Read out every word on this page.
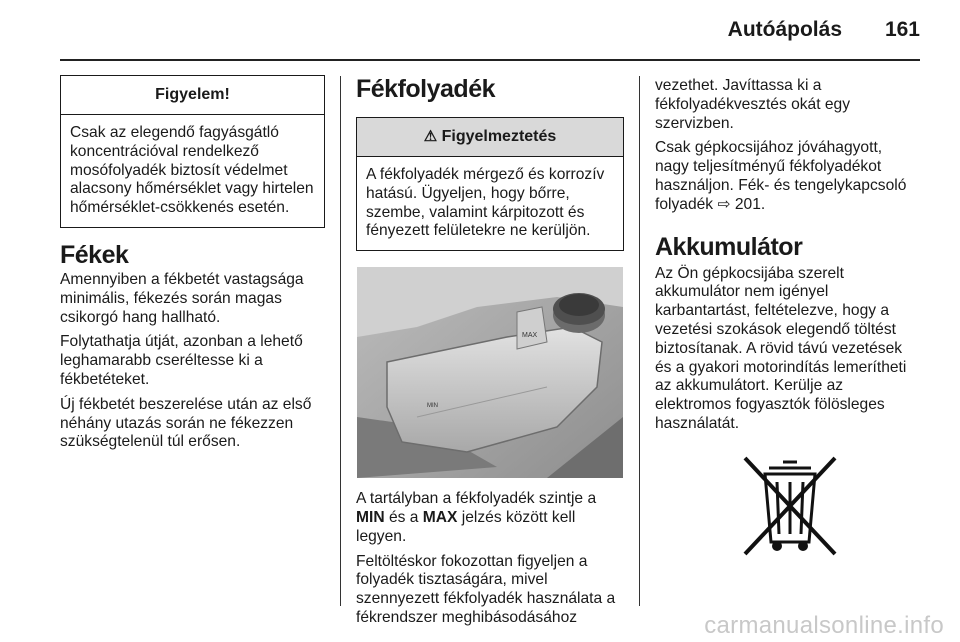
Autóápolás 161
Figyelem!
Csak az elegendő fagyásgátló koncentrációval rendelkező mosófolyadék biztosít védelmet alacsony hőmérséklet vagy hirtelen hőmérséklet-csökkenés esetén.
Fékek

Amennyiben a fékbetét vastagsága minimális, fékezés során magas csikorgó hang hallható.

Folytathatja útját, azonban a lehető leghamarabb cseréltesse ki a fékbetéteket.

Új fékbetét beszerelése után az első néhány utazás során ne fékezzen szükségtelenül túl erősen.

Fékfolyadék
⚠ Figyelmeztetés
A fékfolyadék mérgező és korrozív hatású. Ügyeljen, hogy bőrre, szembe, valamint kárpitozott és fényezett felületekre ne kerüljön.
MAX
MIN

A tartályban a fékfolyadék szintje a MIN és a MAX jelzés között kell legyen.

Feltöltéskor fokozottan figyeljen a folyadék tisztaságára, mivel szennyezett fékfolyadék használata a fékrendszer meghibásodásához

vezethet. Javíttassa ki a fékfolyadékvesztés okát egy szervizben.

Csak gépkocsijához jóváhagyott, nagy teljesítményű fékfolyadékot használjon. Fék- és tengelykapcsoló folyadék ⇨ 201.

Akkumulátor

Az Ön gépkocsijába szerelt akkumulátor nem igényel karbantartást, feltételezve, hogy a vezetési szokások elegendő töltést biztosítanak. A rövid távú vezetések és a gyakori motorindítás lemerítheti az akkumulátort. Kerülje az elektromos fogyasztók fölösleges használatát.

carmanualsonline.info
